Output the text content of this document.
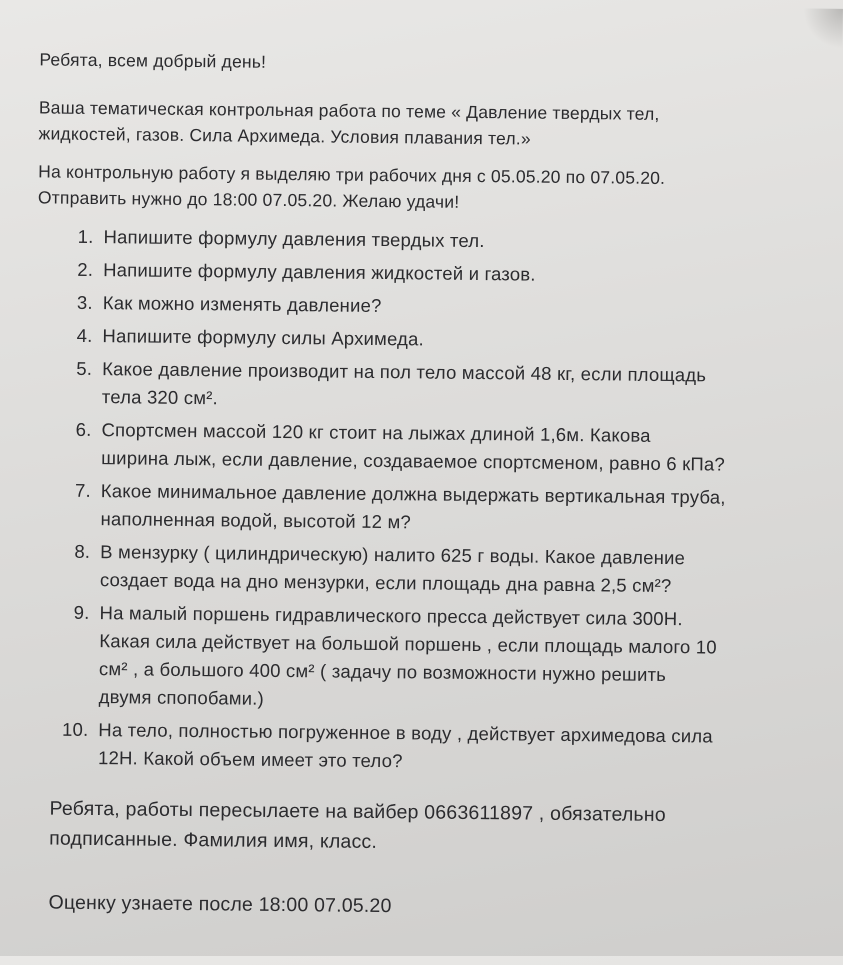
Ребята, всем добрый день!

Ваша тематическая контрольная работа по теме « Давление твердых тел,
жидкостей, газов. Сила Архимеда. Условия плавания тел.»

На контрольную работу я выделяю три рабочих дня с 05.05.20 по 07.05.20.
Отправить нужно до 18:00 07.05.20. Желаю удачи!

1. Напишите формулу давления твердых тел.
2. Напишите формулу давления жидкостей и газов.
3. Как можно изменять давление?
4. Напишите формулу силы Архимеда.
5. Какое давление производит на пол тело массой 48 кг, если площадь
тела 320 см².
6. Спортсмен массой 120 кг стоит на лыжах длиной 1,6м. Какова
ширина лыж, если давление, создаваемое спортсменом, равно 6 кПа?
7. Какое минимальное давление должна выдержать вертикальная труба,
наполненная водой, высотой 12 м?
8. В мензурку ( цилиндрическую) налито 625 г воды. Какое давление
создает вода на дно мензурки, если площадь дна равна 2,5 см²?
9. На малый поршень гидравлического пресса действует сила 300Н.
Какая сила действует на большой поршень , если площадь малого 10
см² , а большого 400 см² ( задачу по возможности нужно решить
двумя спопобами.)
10. На тело, полностью погруженное в воду , действует архимедова сила
12Н. Какой объем имеет это тело?

Ребята, работы пересылаете на вайбер 0663611897 , обязательно
подписанные. Фамилия имя, класс.

Оценку узнаете после 18:00 07.05.20
